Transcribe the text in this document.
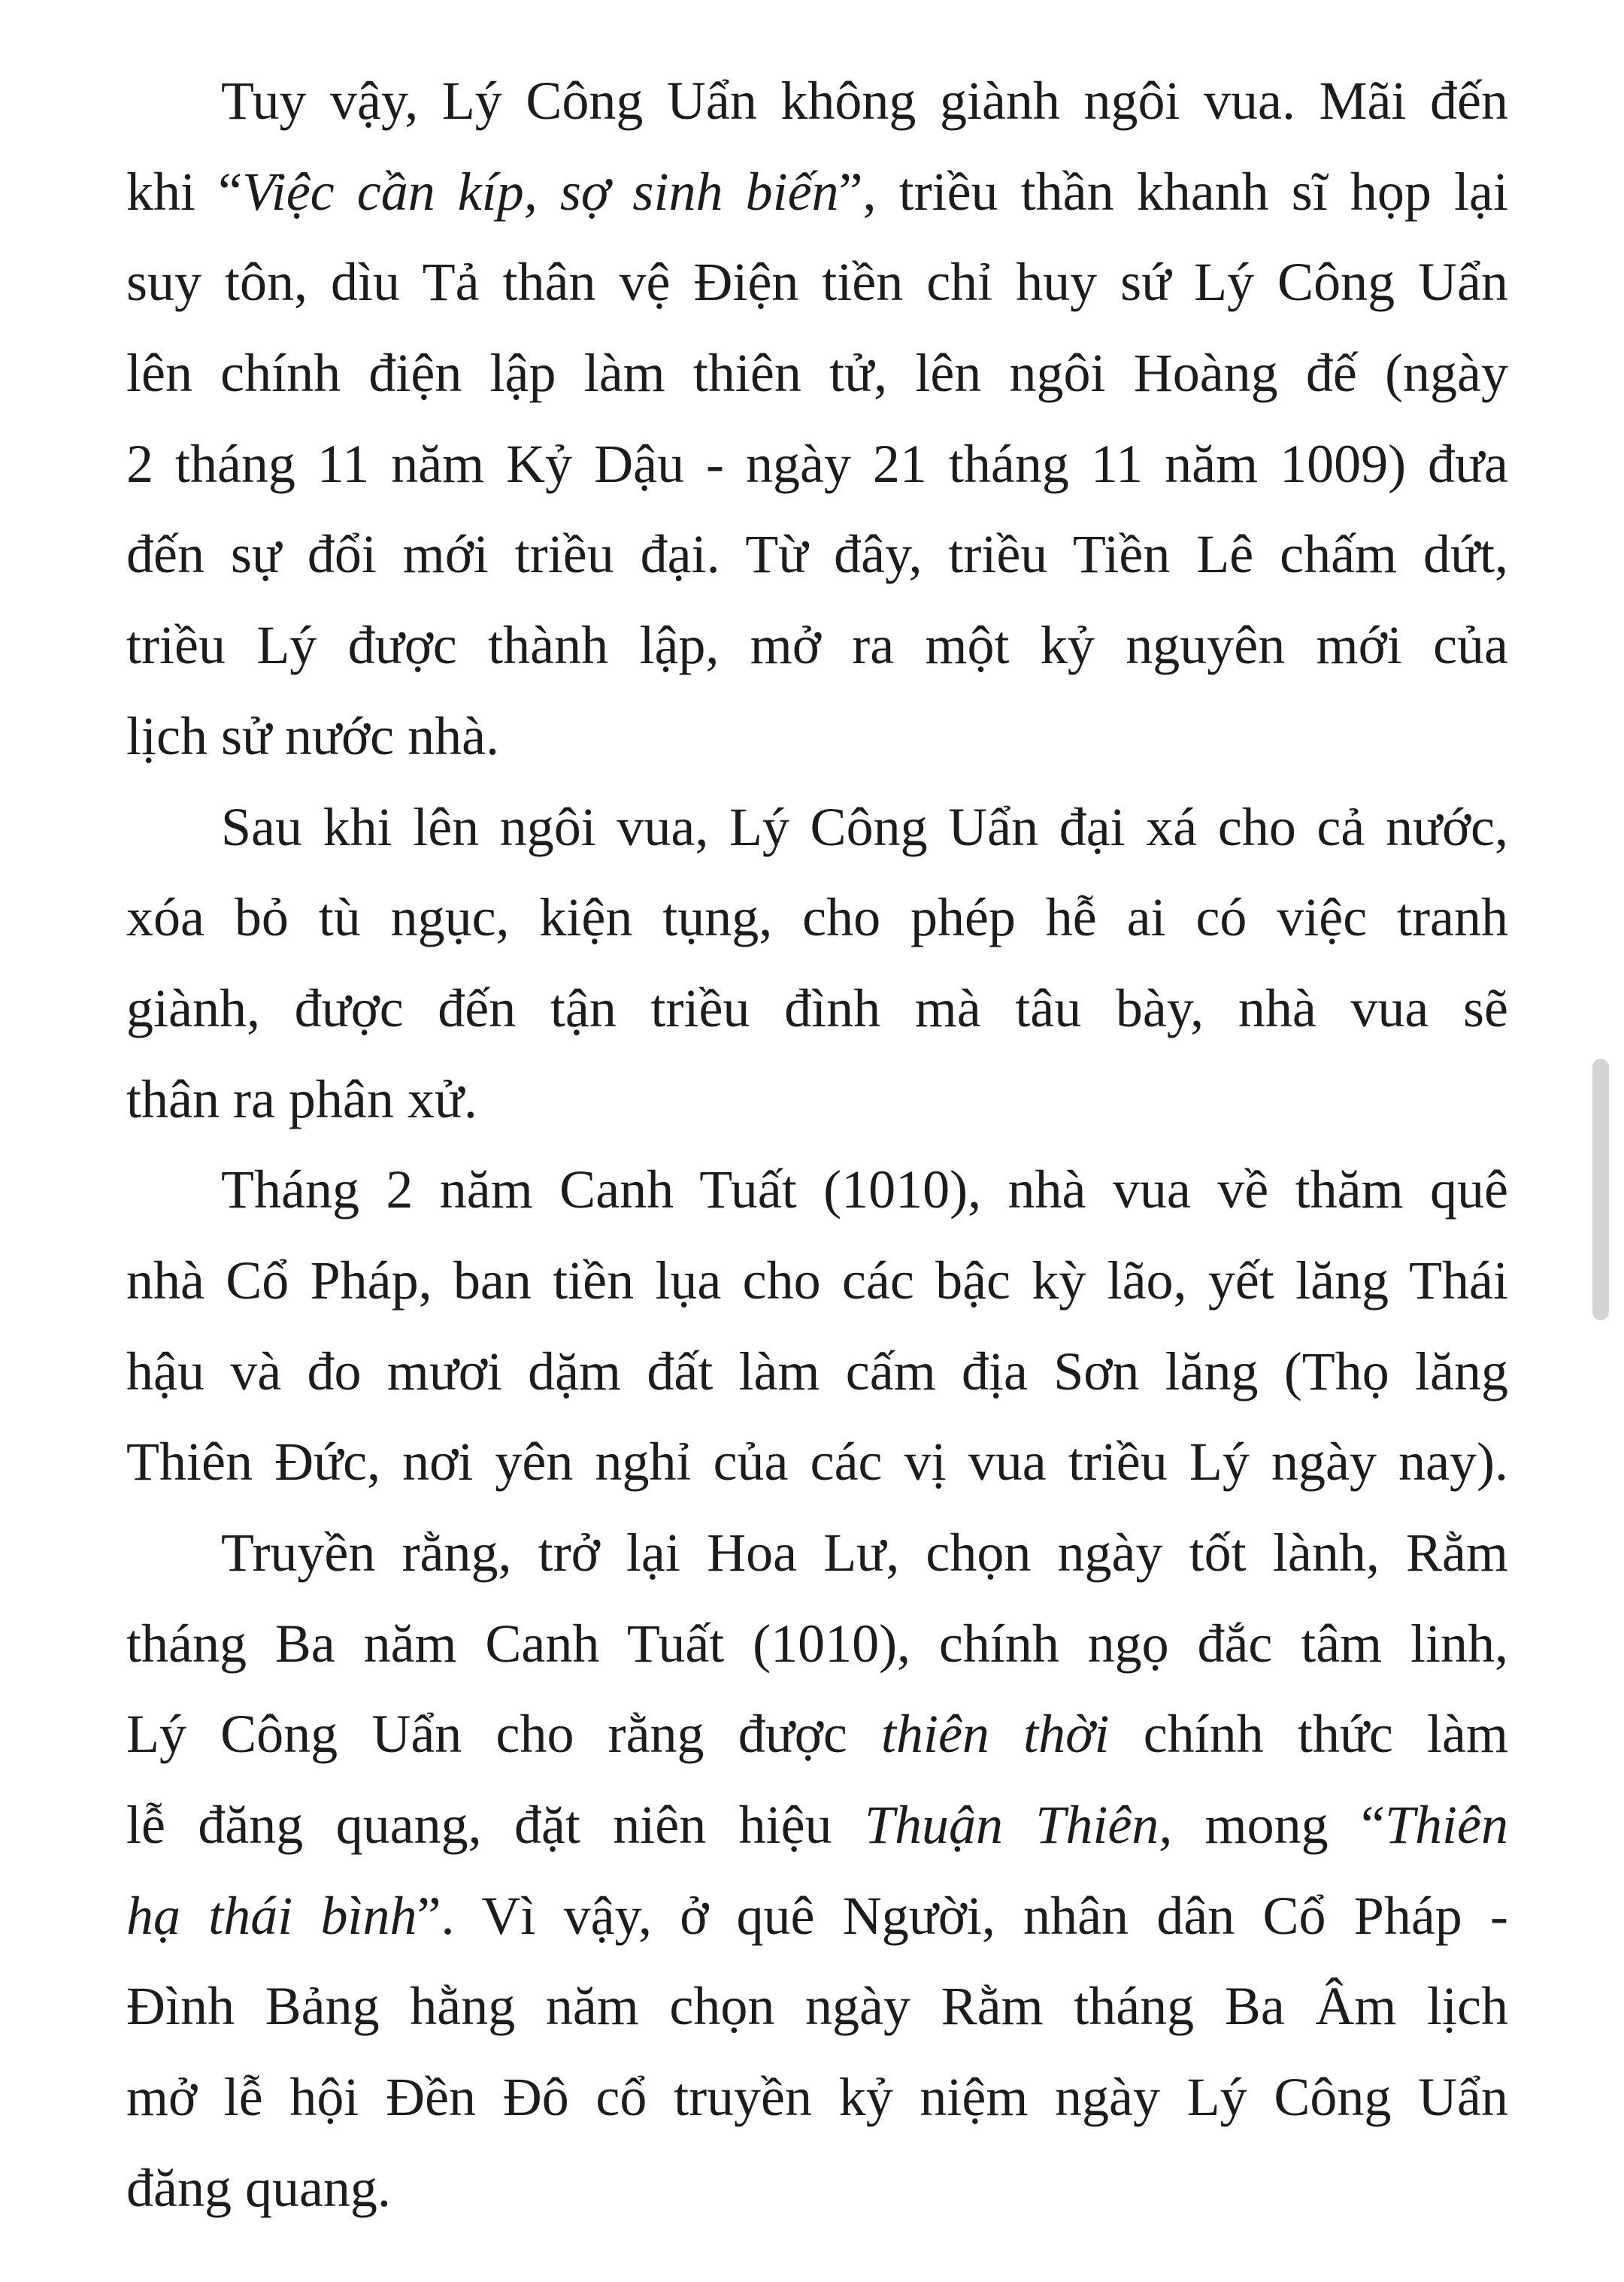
Tuy vậy, Lý Công Uẩn không giành ngôi vua. Mãi đến
khi “Việc cần kíp, sợ sinh biến”, triều thần khanh sĩ họp lại
suy tôn, dìu Tả thân vệ Điện tiền chỉ huy sứ Lý Công Uẩn
lên chính điện lập làm thiên tử, lên ngôi Hoàng đế (ngày
2 tháng 11 năm Kỷ Dậu - ngày 21 tháng 11 năm 1009) đưa
đến sự đổi mới triều đại. Từ đây, triều Tiền Lê chấm dứt,
triều Lý được thành lập, mở ra một kỷ nguyên mới của
lịch sử nước nhà.
Sau khi lên ngôi vua, Lý Công Uẩn đại xá cho cả nước,
xóa bỏ tù ngục, kiện tụng, cho phép hễ ai có việc tranh
giành, được đến tận triều đình mà tâu bày, nhà vua sẽ
thân ra phân xử.
Tháng 2 năm Canh Tuất (1010), nhà vua về thăm quê
nhà Cổ Pháp, ban tiền lụa cho các bậc kỳ lão, yết lăng Thái
hậu và đo mươi dặm đất làm cấm địa Sơn lăng (Thọ lăng
Thiên Đức, nơi yên nghỉ của các vị vua triều Lý ngày nay).
Truyền rằng, trở lại Hoa Lư, chọn ngày tốt lành, Rằm
tháng Ba năm Canh Tuất (1010), chính ngọ đắc tâm linh,
Lý Công Uẩn cho rằng được thiên thời chính thức làm
lễ đăng quang, đặt niên hiệu Thuận Thiên, mong “Thiên
hạ thái bình”. Vì vậy, ở quê Người, nhân dân Cổ Pháp -
Đình Bảng hằng năm chọn ngày Rằm tháng Ba Âm lịch
mở lễ hội Đền Đô cổ truyền kỷ niệm ngày Lý Công Uẩn
đăng quang.
